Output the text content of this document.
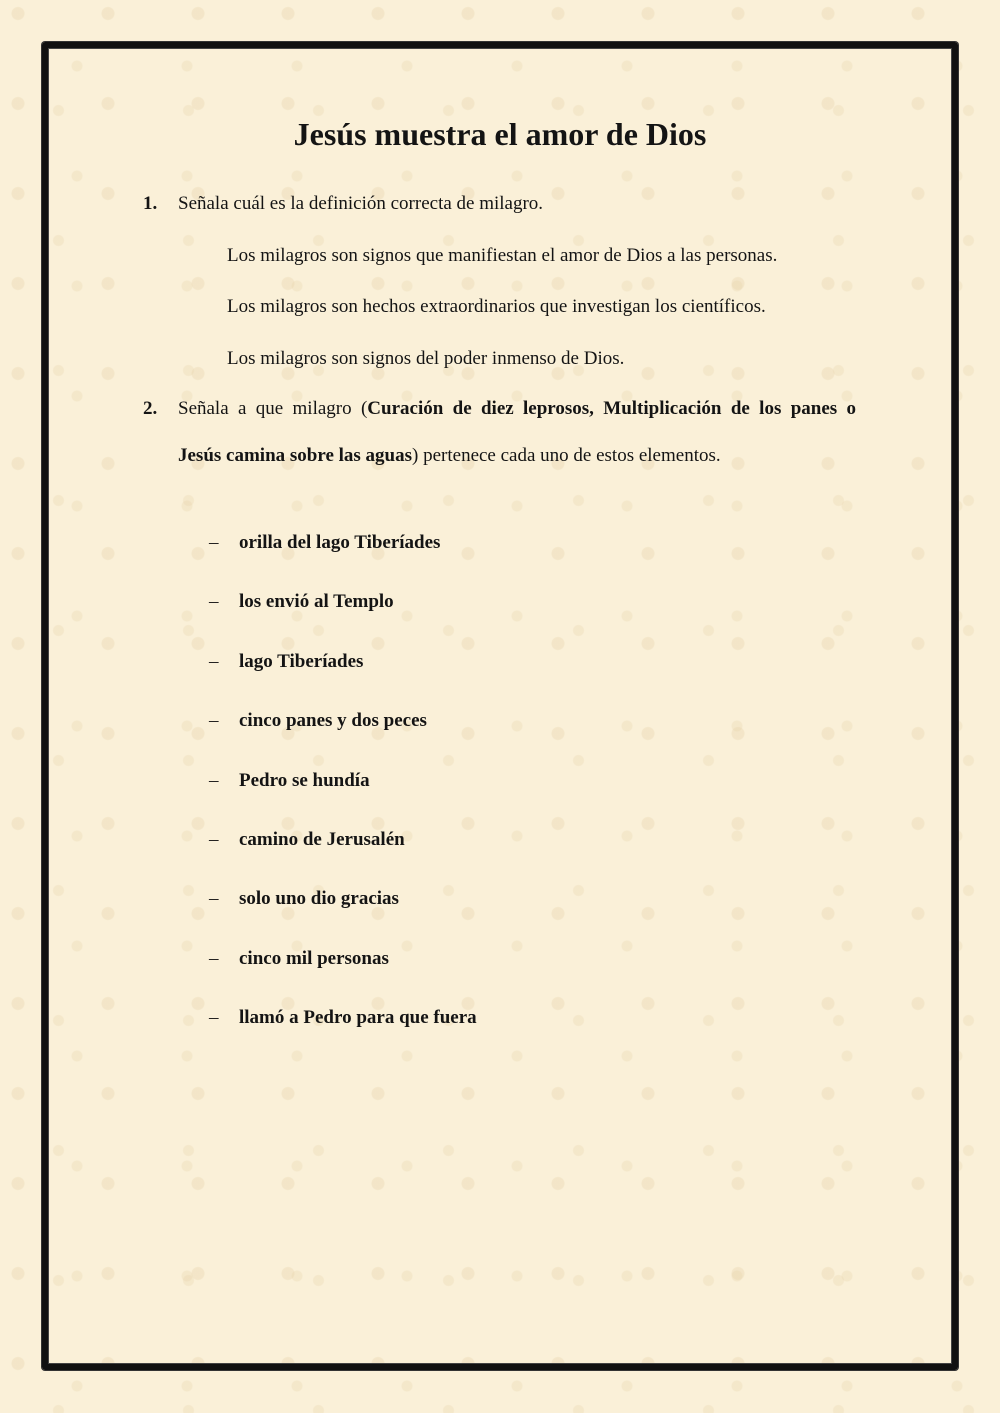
Jesús muestra el amor de Dios
1. Señala cuál es la definición correcta de milagro.
Los milagros son signos que manifiestan el amor de Dios a las personas.
Los milagros son hechos extraordinarios que investigan los científicos.
Los milagros son signos del poder inmenso de Dios.
2. Señala a que milagro (Curación de diez leprosos, Multiplicación de los panes o
Jesús camina sobre las aguas) pertenece cada uno de estos elementos.
–	orilla del lago Tiberíades
–	los envió al Templo
–	lago Tiberíades
–	cinco panes y dos peces
–	Pedro se hundía
–	camino de Jerusalén
–	solo uno dio gracias
–	cinco mil personas
–	llamó a Pedro para que fuera
